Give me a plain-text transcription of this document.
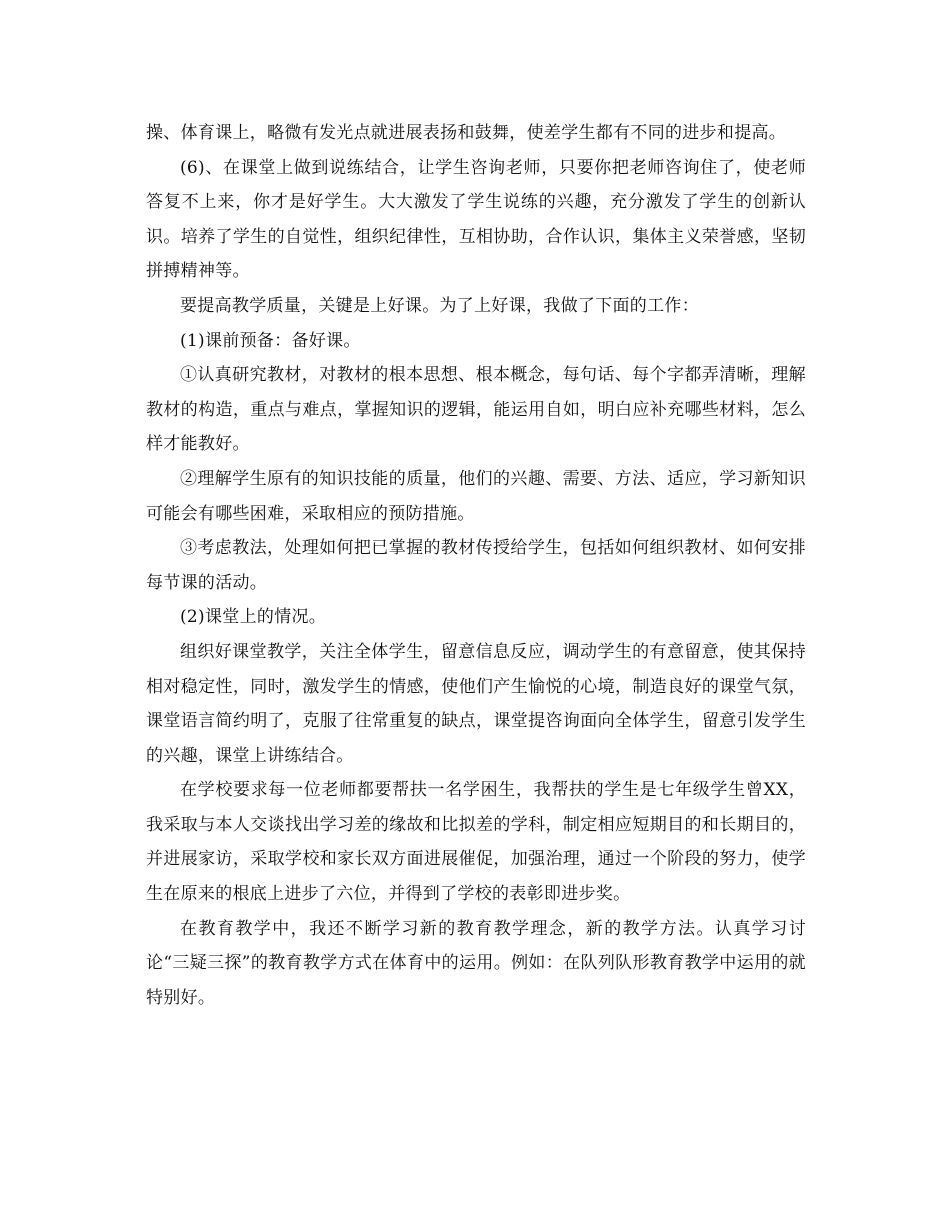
操、体育课上，略微有发光点就进展表扬和鼓舞，使差学生都有不同的进步和提高。

(6)、在课堂上做到说练结合，让学生咨询老师，只要你把老师咨询住了，使老师答复不上来，你才是好学生。大大激发了学生说练的兴趣，充分激发了学生的创新认识。培养了学生的自觉性，组织纪律性，互相协助，合作认识，集体主义荣誉感，坚韧拼搏精神等。

要提高教学质量，关键是上好课。为了上好课，我做了下面的工作：

(1)课前预备：备好课。

①认真研究教材，对教材的根本思想、根本概念，每句话、每个字都弄清晰，理解教材的构造，重点与难点，掌握知识的逻辑，能运用自如，明白应补充哪些材料，怎么样才能教好。

②理解学生原有的知识技能的质量，他们的兴趣、需要、方法、适应，学习新知识可能会有哪些困难，采取相应的预防措施。

③考虑教法，处理如何把已掌握的教材传授给学生，包括如何组织教材、如何安排每节课的活动。

(2)课堂上的情况。

组织好课堂教学，关注全体学生，留意信息反应，调动学生的有意留意，使其保持相对稳定性，同时，激发学生的情感，使他们产生愉悦的心境，制造良好的课堂气氛，课堂语言简约明了，克服了往常重复的缺点，课堂提咨询面向全体学生，留意引发学生的兴趣，课堂上讲练结合。

在学校要求每一位老师都要帮扶一名学困生，我帮扶的学生是七年级学生曾XX，我采取与本人交谈找出学习差的缘故和比拟差的学科，制定相应短期目的和长期目的，并进展家访，采取学校和家长双方面进展催促，加强治理，通过一个阶段的努力，使学生在原来的根底上进步了六位，并得到了学校的表彰即进步奖。

在教育教学中，我还不断学习新的教育教学理念，新的教学方法。认真学习讨论“三疑三探”的教育教学方式在体育中的运用。例如：在队列队形教育教学中运用的就特别好。
